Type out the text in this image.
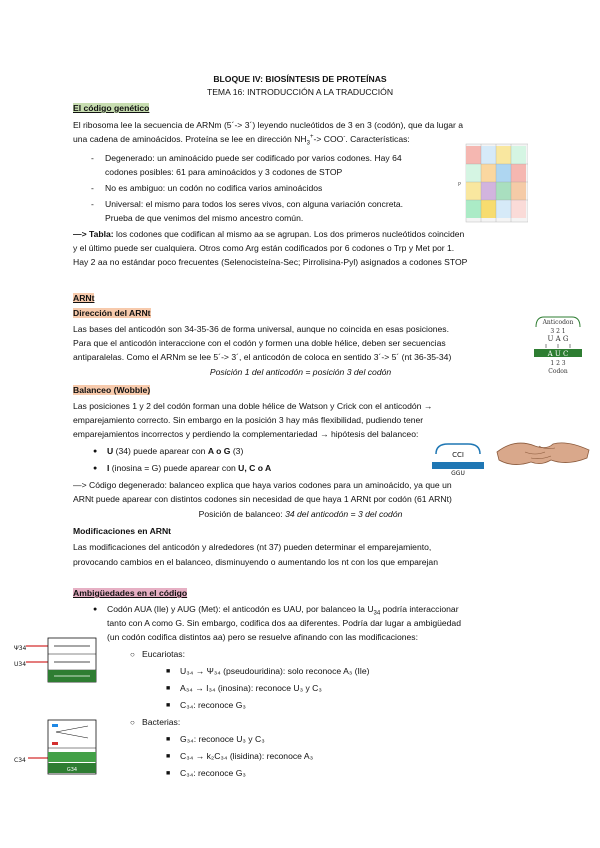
BLOQUE IV: BIOSÍNTESIS DE PROTEÍNAS
TEMA 16: INTRODUCCIÓN A LA TRADUCCIÓN
El código genético
El ribosoma lee la secuencia de ARNm (5´-> 3´) leyendo nucleótidos de 3 en 3 (codón), que da lugar a
una cadena de aminoácidos. Proteína se lee en dirección $NH_3^+-> COO^-$. Características:
- Degenerado: un aminoácido puede ser codificado por varios codones. Hay 64
codones posibles: 61 para aminoácidos y 3 codones de STOP
- No es ambiguo: un codón no codifica varios aminoácidos
- Universal: el mismo para todos los seres vivos, con alguna variación concreta.
Prueba de que venimos del mismo ancestro común.
—> Tabla: los codones que codifican al mismo aa se agrupan. Los dos primeros nucleótidos coinciden
y el último puede ser cualquiera. Otros como Arg están codificados por 6 codones o Trp y Met por 1.
Hay 2 aa no estándar poco frecuentes (Selenocisteína-Sec; Pirrolisina-Pyl) asignados a codones STOP
P
ARNt
Dirección del ARNt
Las bases del anticodón son 34-35-36 de forma universal, aunque no coincida en esas posiciones.
Para que el anticodón interaccione con el codón y formen una doble hélice, deben ser secuencias
antiparalelas. Como el ARNm se lee 5´-> 3´, el anticodón de coloca en sentido 3´-> 5´ (nt 36-35-34)
Posición 1 del anticodón = posición 3 del codón
Anticodon
3 2 1
U A G
A U C
1 2 3
Codon
Balanceo (Wobble)
Las posiciones 1 y 2 del codón forman una doble hélice de Watson y Crick con el anticodón →
emparejamiento correcto. Sin embargo en la posición 3 hay más flexibilidad, pudiendo tener
emparejamientos incorrectos y perdiendo la complementariedad → hipótesis del balanceo:
● U (34) puede aparear con A o G (3)
● I (inosina = G) puede aparear con U, C o A
—> Código degenerado: balanceo explica que haya varios codones para un aminoácido, ya que un
ARNt puede aparear con distintos codones sin necesidad de que haya 1 ARNt por codón (61 ARNt)
Posición de balanceo: 34 del anticodón = 3 del codón
CCI
GGU
Modificaciones en ARNt
Las modificaciones del anticodón y alrededores (nt 37) pueden determinar el emparejamiento,
provocando cambios en el balanceo, disminuyendo o aumentando los nt con los que emparejan
Ambigüedades en el código
● Codón AUA (Ile) y AUG (Met): el anticodón es UAU, por balanceo la $U_{34}$ podría interaccionar
tanto con A como G. Sin embargo, codifica dos aa diferentes. Podría dar lugar a ambigüedad
(un codón codifica distintos aa) pero se resuelve afinando con las modificaciones:
○ Eucariotas:
■ U₃₄ → Ψ₃₄ (pseudouridina): solo reconoce A₃ (Ile)
■ A₃₄ → I₃₄ (inosina): reconoce U₃ y C₃
■ C₃₄: reconoce G₃
○ Bacterias:
■ G₃₄: reconoce U₃ y C₃
■ C₃₄ → k₂C₃₄ (lisidina): reconoce A₃
■ C₃₄: reconoce G₃
Ψ34
U34
C34
G34
